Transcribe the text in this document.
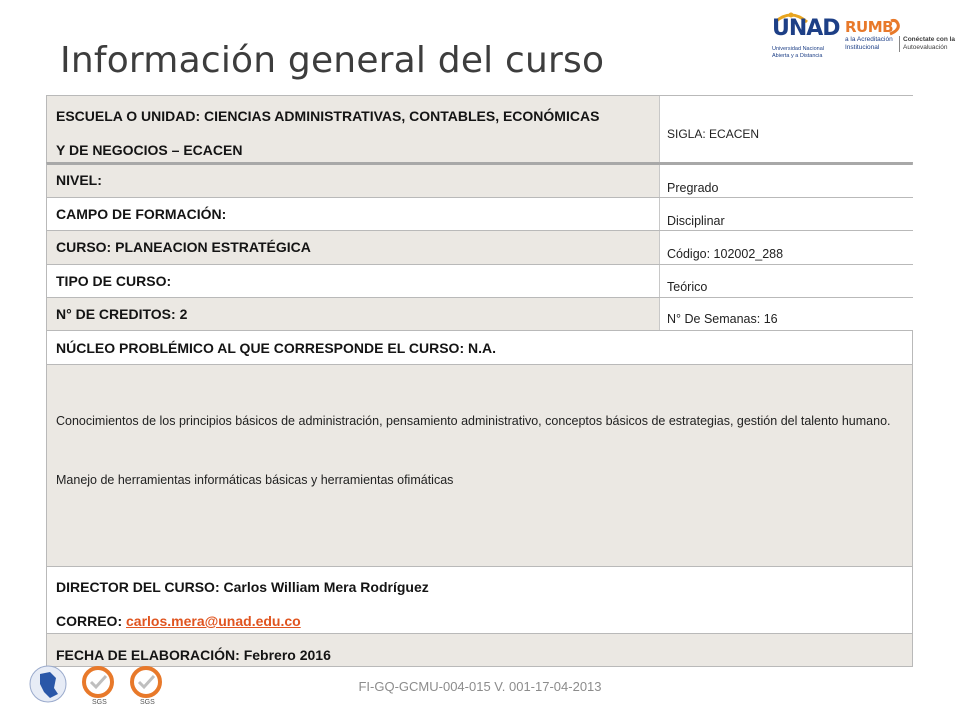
Información general del curso
UNAD
Universidad Nacional
Abierta y a Distancia
RUMB
a la Acreditación
Institucional
Conéctate con la
Autoevaluación
ESCUELA O UNIDAD: CIENCIAS ADMINISTRATIVAS, CONTABLES, ECONÓMICAS
Y DE NEGOCIOS – ECACEN
SIGLA: ECACEN
NIVEL:	Pregrado
CAMPO DE FORMACIÓN:	Disciplinar
CURSO: PLANEACION ESTRATÉGICA	Código: 102002_288
TIPO DE CURSO:	Teórico
N° DE CREDITOS: 2	N° De Semanas: 16
NÚCLEO PROBLÉMICO AL QUE CORRESPONDE EL CURSO: N.A.
Conocimientos de los principios básicos de administración, pensamiento administrativo, conceptos básicos de estrategias, gestión del talento humano.
Manejo de herramientas informáticas básicas y herramientas ofimáticas
DIRECTOR DEL CURSO: Carlos William Mera Rodríguez
CORREO: carlos.mera@unad.edu.co
FECHA DE ELABORACIÓN: Febrero 2016
SGS	SGS
FI-GQ-GCMU-004-015 V. 001-17-04-2013
